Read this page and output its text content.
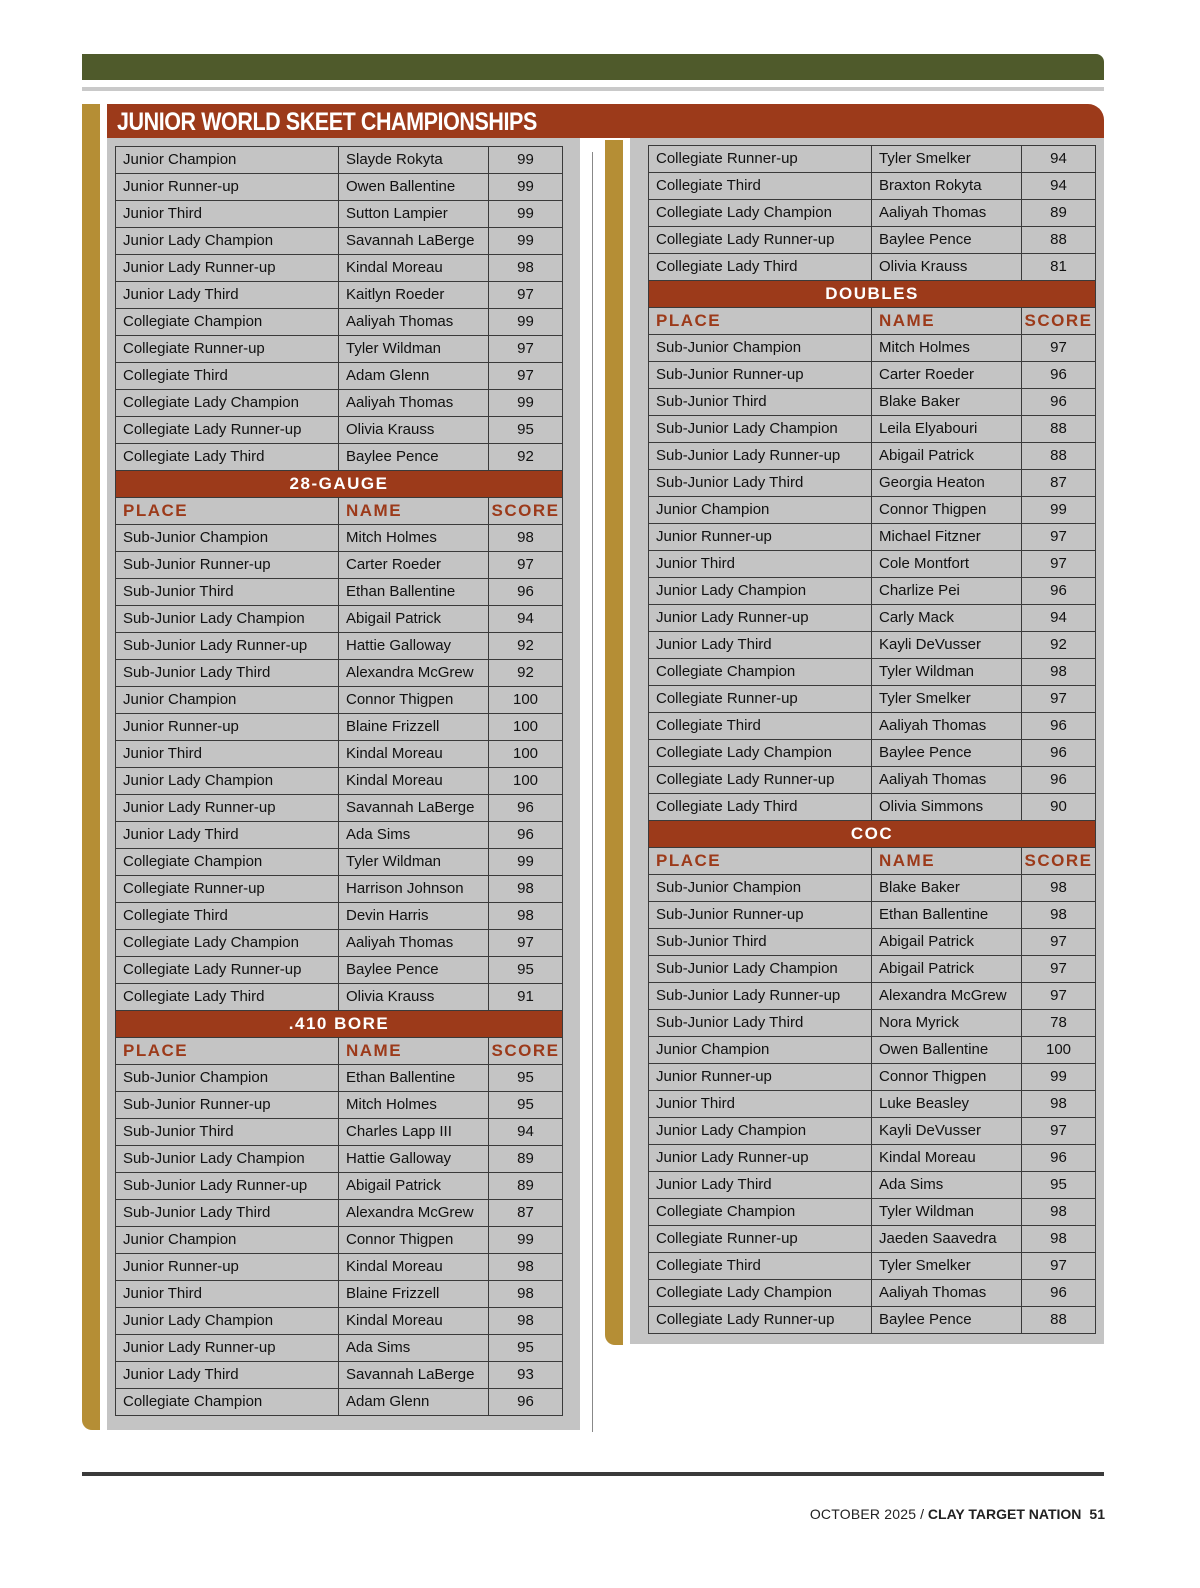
JUNIOR WORLD SKEET CHAMPIONSHIPS
Junior Champion	Slayde Rokyta	99
Junior Runner-up	Owen Ballentine	99
Junior Third	Sutton Lampier	99
Junior Lady Champion	Savannah LaBerge	99
Junior Lady Runner-up	Kindal Moreau	98
Junior Lady Third	Kaitlyn Roeder	97
Collegiate Champion	Aaliyah Thomas	99
Collegiate Runner-up	Tyler Wildman	97
Collegiate Third	Adam Glenn	97
Collegiate Lady Champion	Aaliyah Thomas	99
Collegiate Lady Runner-up	Olivia Krauss	95
Collegiate Lady Third	Baylee Pence	92
28-GAUGE		
PLACE	NAME	SCORE
Sub-Junior Champion	Mitch Holmes	98
Sub-Junior Runner-up	Carter Roeder	97
Sub-Junior Third	Ethan Ballentine	96
Sub-Junior Lady Champion	Abigail Patrick	94
Sub-Junior Lady Runner-up	Hattie Galloway	92
Sub-Junior Lady Third	Alexandra McGrew	92
Junior Champion	Connor Thigpen	100
Junior Runner-up	Blaine Frizzell	100
Junior Third	Kindal Moreau	100
Junior Lady Champion	Kindal Moreau	100
Junior Lady Runner-up	Savannah LaBerge	96
Junior Lady Third	Ada Sims	96
Collegiate Champion	Tyler Wildman	99
Collegiate Runner-up	Harrison Johnson	98
Collegiate Third	Devin Harris	98
Collegiate Lady Champion	Aaliyah Thomas	97
Collegiate Lady Runner-up	Baylee Pence	95
Collegiate Lady Third	Olivia Krauss	91
.410 BORE		
PLACE	NAME	SCORE
Sub-Junior Champion	Ethan Ballentine	95
Sub-Junior Runner-up	Mitch Holmes	95
Sub-Junior Third	Charles Lapp III	94
Sub-Junior Lady Champion	Hattie Galloway	89
Sub-Junior Lady Runner-up	Abigail Patrick	89
Sub-Junior Lady Third	Alexandra McGrew	87
Junior Champion	Connor Thigpen	99
Junior Runner-up	Kindal Moreau	98
Junior Third	Blaine Frizzell	98
Junior Lady Champion	Kindal Moreau	98
Junior Lady Runner-up	Ada Sims	95
Junior Lady Third	Savannah LaBerge	93
Collegiate Champion	Adam Glenn	96
Collegiate Runner-up	Tyler Smelker	94
Collegiate Third	Braxton Rokyta	94
Collegiate Lady Champion	Aaliyah Thomas	89
Collegiate Lady Runner-up	Baylee Pence	88
Collegiate Lady Third	Olivia Krauss	81
DOUBLES		
PLACE	NAME	SCORE
Sub-Junior Champion	Mitch Holmes	97
Sub-Junior Runner-up	Carter Roeder	96
Sub-Junior Third	Blake Baker	96
Sub-Junior Lady Champion	Leila Elyabouri	88
Sub-Junior Lady Runner-up	Abigail Patrick	88
Sub-Junior Lady Third	Georgia Heaton	87
Junior Champion	Connor Thigpen	99
Junior Runner-up	Michael Fitzner	97
Junior Third	Cole Montfort	97
Junior Lady Champion	Charlize Pei	96
Junior Lady Runner-up	Carly Mack	94
Junior Lady Third	Kayli DeVusser	92
Collegiate Champion	Tyler Wildman	98
Collegiate Runner-up	Tyler Smelker	97
Collegiate Third	Aaliyah Thomas	96
Collegiate Lady Champion	Baylee Pence	96
Collegiate Lady Runner-up	Aaliyah Thomas	96
Collegiate Lady Third	Olivia Simmons	90
COC		
PLACE	NAME	SCORE
Sub-Junior Champion	Blake Baker	98
Sub-Junior Runner-up	Ethan Ballentine	98
Sub-Junior Third	Abigail Patrick	97
Sub-Junior Lady Champion	Abigail Patrick	97
Sub-Junior Lady Runner-up	Alexandra McGrew	97
Sub-Junior Lady Third	Nora Myrick	78
Junior Champion	Owen Ballentine	100
Junior Runner-up	Connor Thigpen	99
Junior Third	Luke Beasley	98
Junior Lady Champion	Kayli DeVusser	97
Junior Lady Runner-up	Kindal Moreau	96
Junior Lady Third	Ada Sims	95
Collegiate Champion	Tyler Wildman	98
Collegiate Runner-up	Jaeden Saavedra	98
Collegiate Third	Tyler Smelker	97
Collegiate Lady Champion	Aaliyah Thomas	96
Collegiate Lady Runner-up	Baylee Pence	88
OCTOBER 2025 / CLAY TARGET NATION 51
